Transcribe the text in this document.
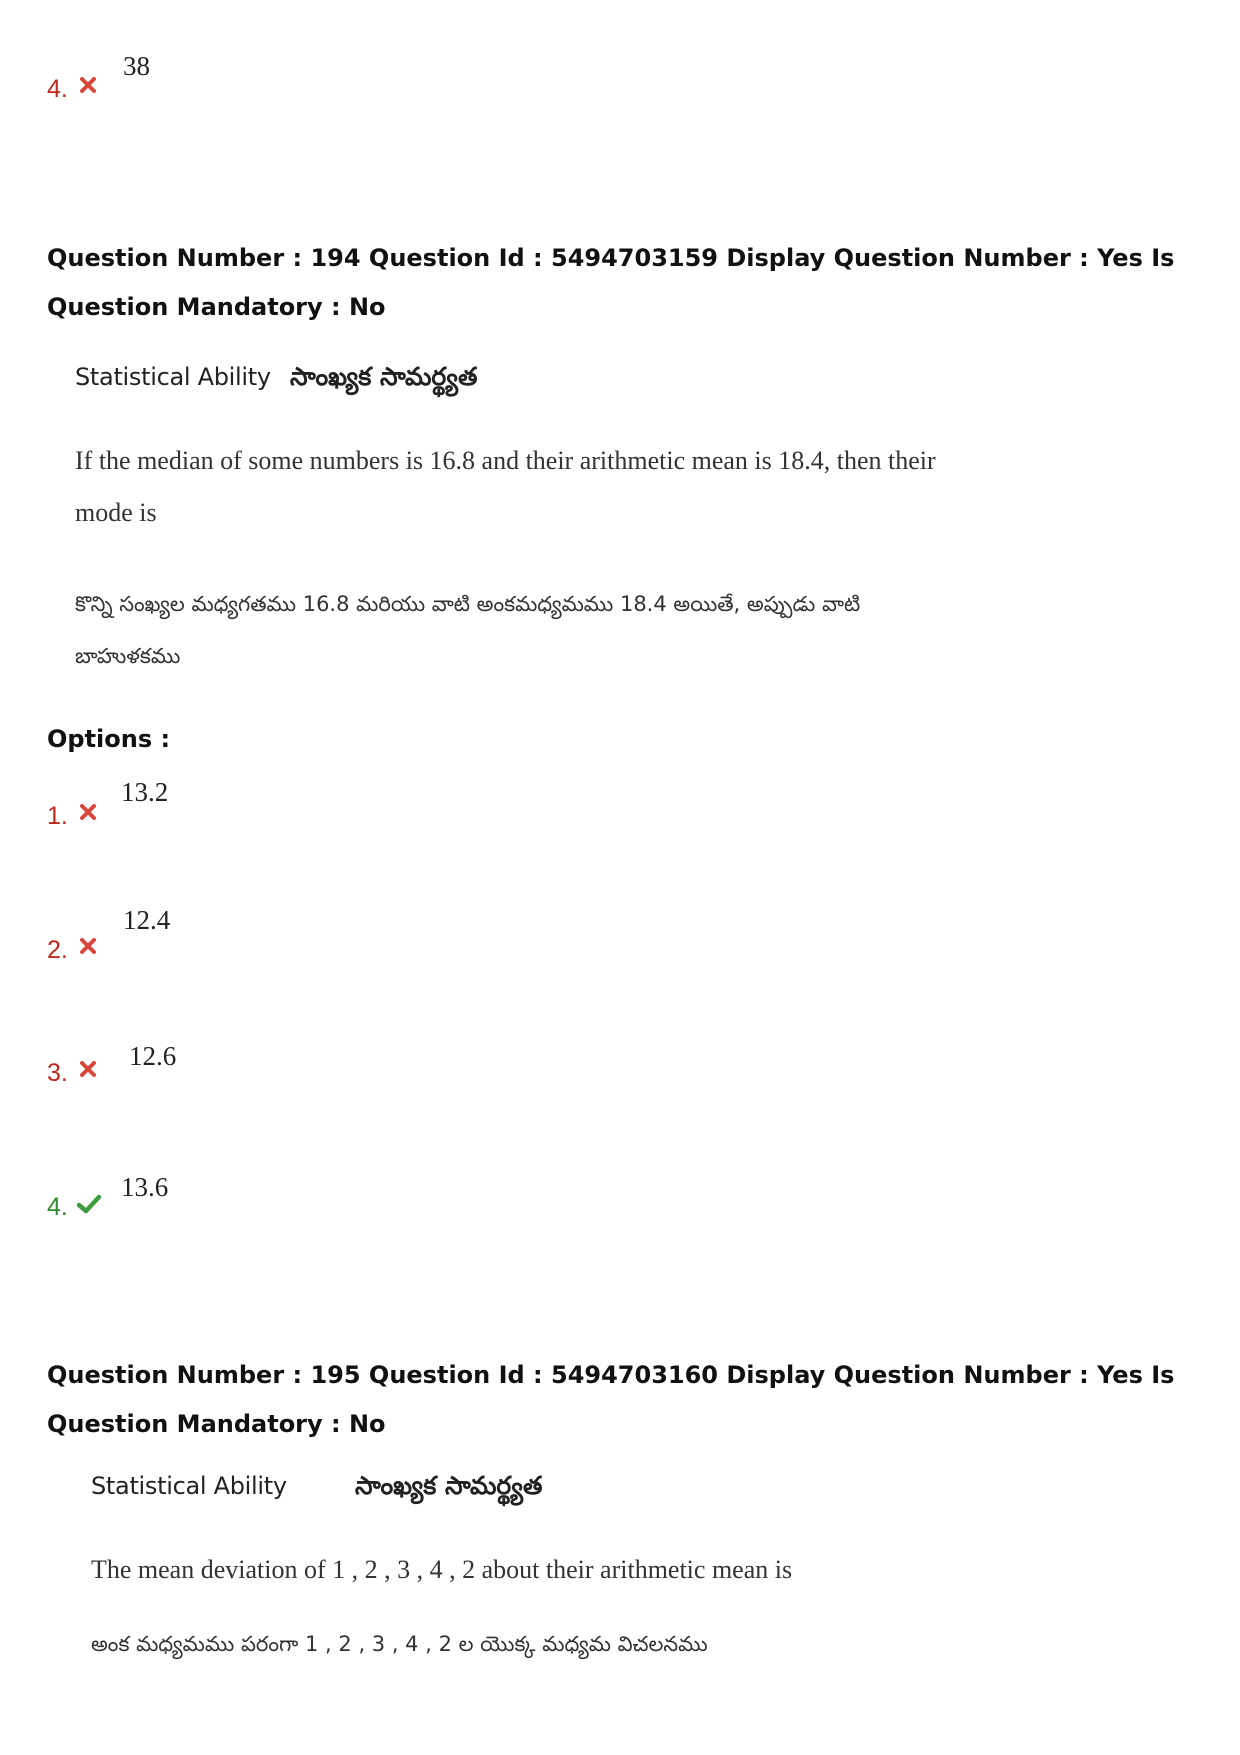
4.
38
Question Number : 194 Question Id : 5494703159 Display Question Number : Yes Is Question Mandatory : No
Statistical Ability సాంఖ్యక సామర్థ్యత
If the median of some numbers is 16.8 and their arithmetic mean is 18.4, then their
mode is
కొన్ని సంఖ్యల మధ్యగతము 16.8 మరియు వాటి అంకమధ్యమము 18.4 అయితే, అప్పుడు వాటి
బాహుళకము
Options :
1.
13.2
2.
12.4
3.
12.6
4.
13.6
Question Number : 195 Question Id : 5494703160 Display Question Number : Yes Is Question Mandatory : No
Statistical Ability	సాంఖ్యక సామర్థ్యత
The mean deviation of 1 , 2 , 3 , 4 , 2 about their arithmetic mean is
అంక మధ్యమము పరంగా 1 , 2 , 3 , 4 , 2 ల యొక్క మధ్యమ విచలనము
